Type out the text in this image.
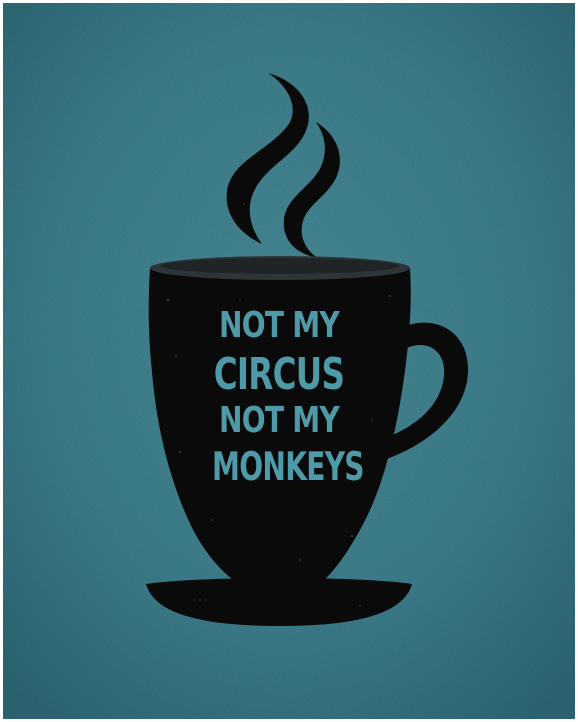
NOT MY
CIRCUS
NOT MY
MONKEYS
